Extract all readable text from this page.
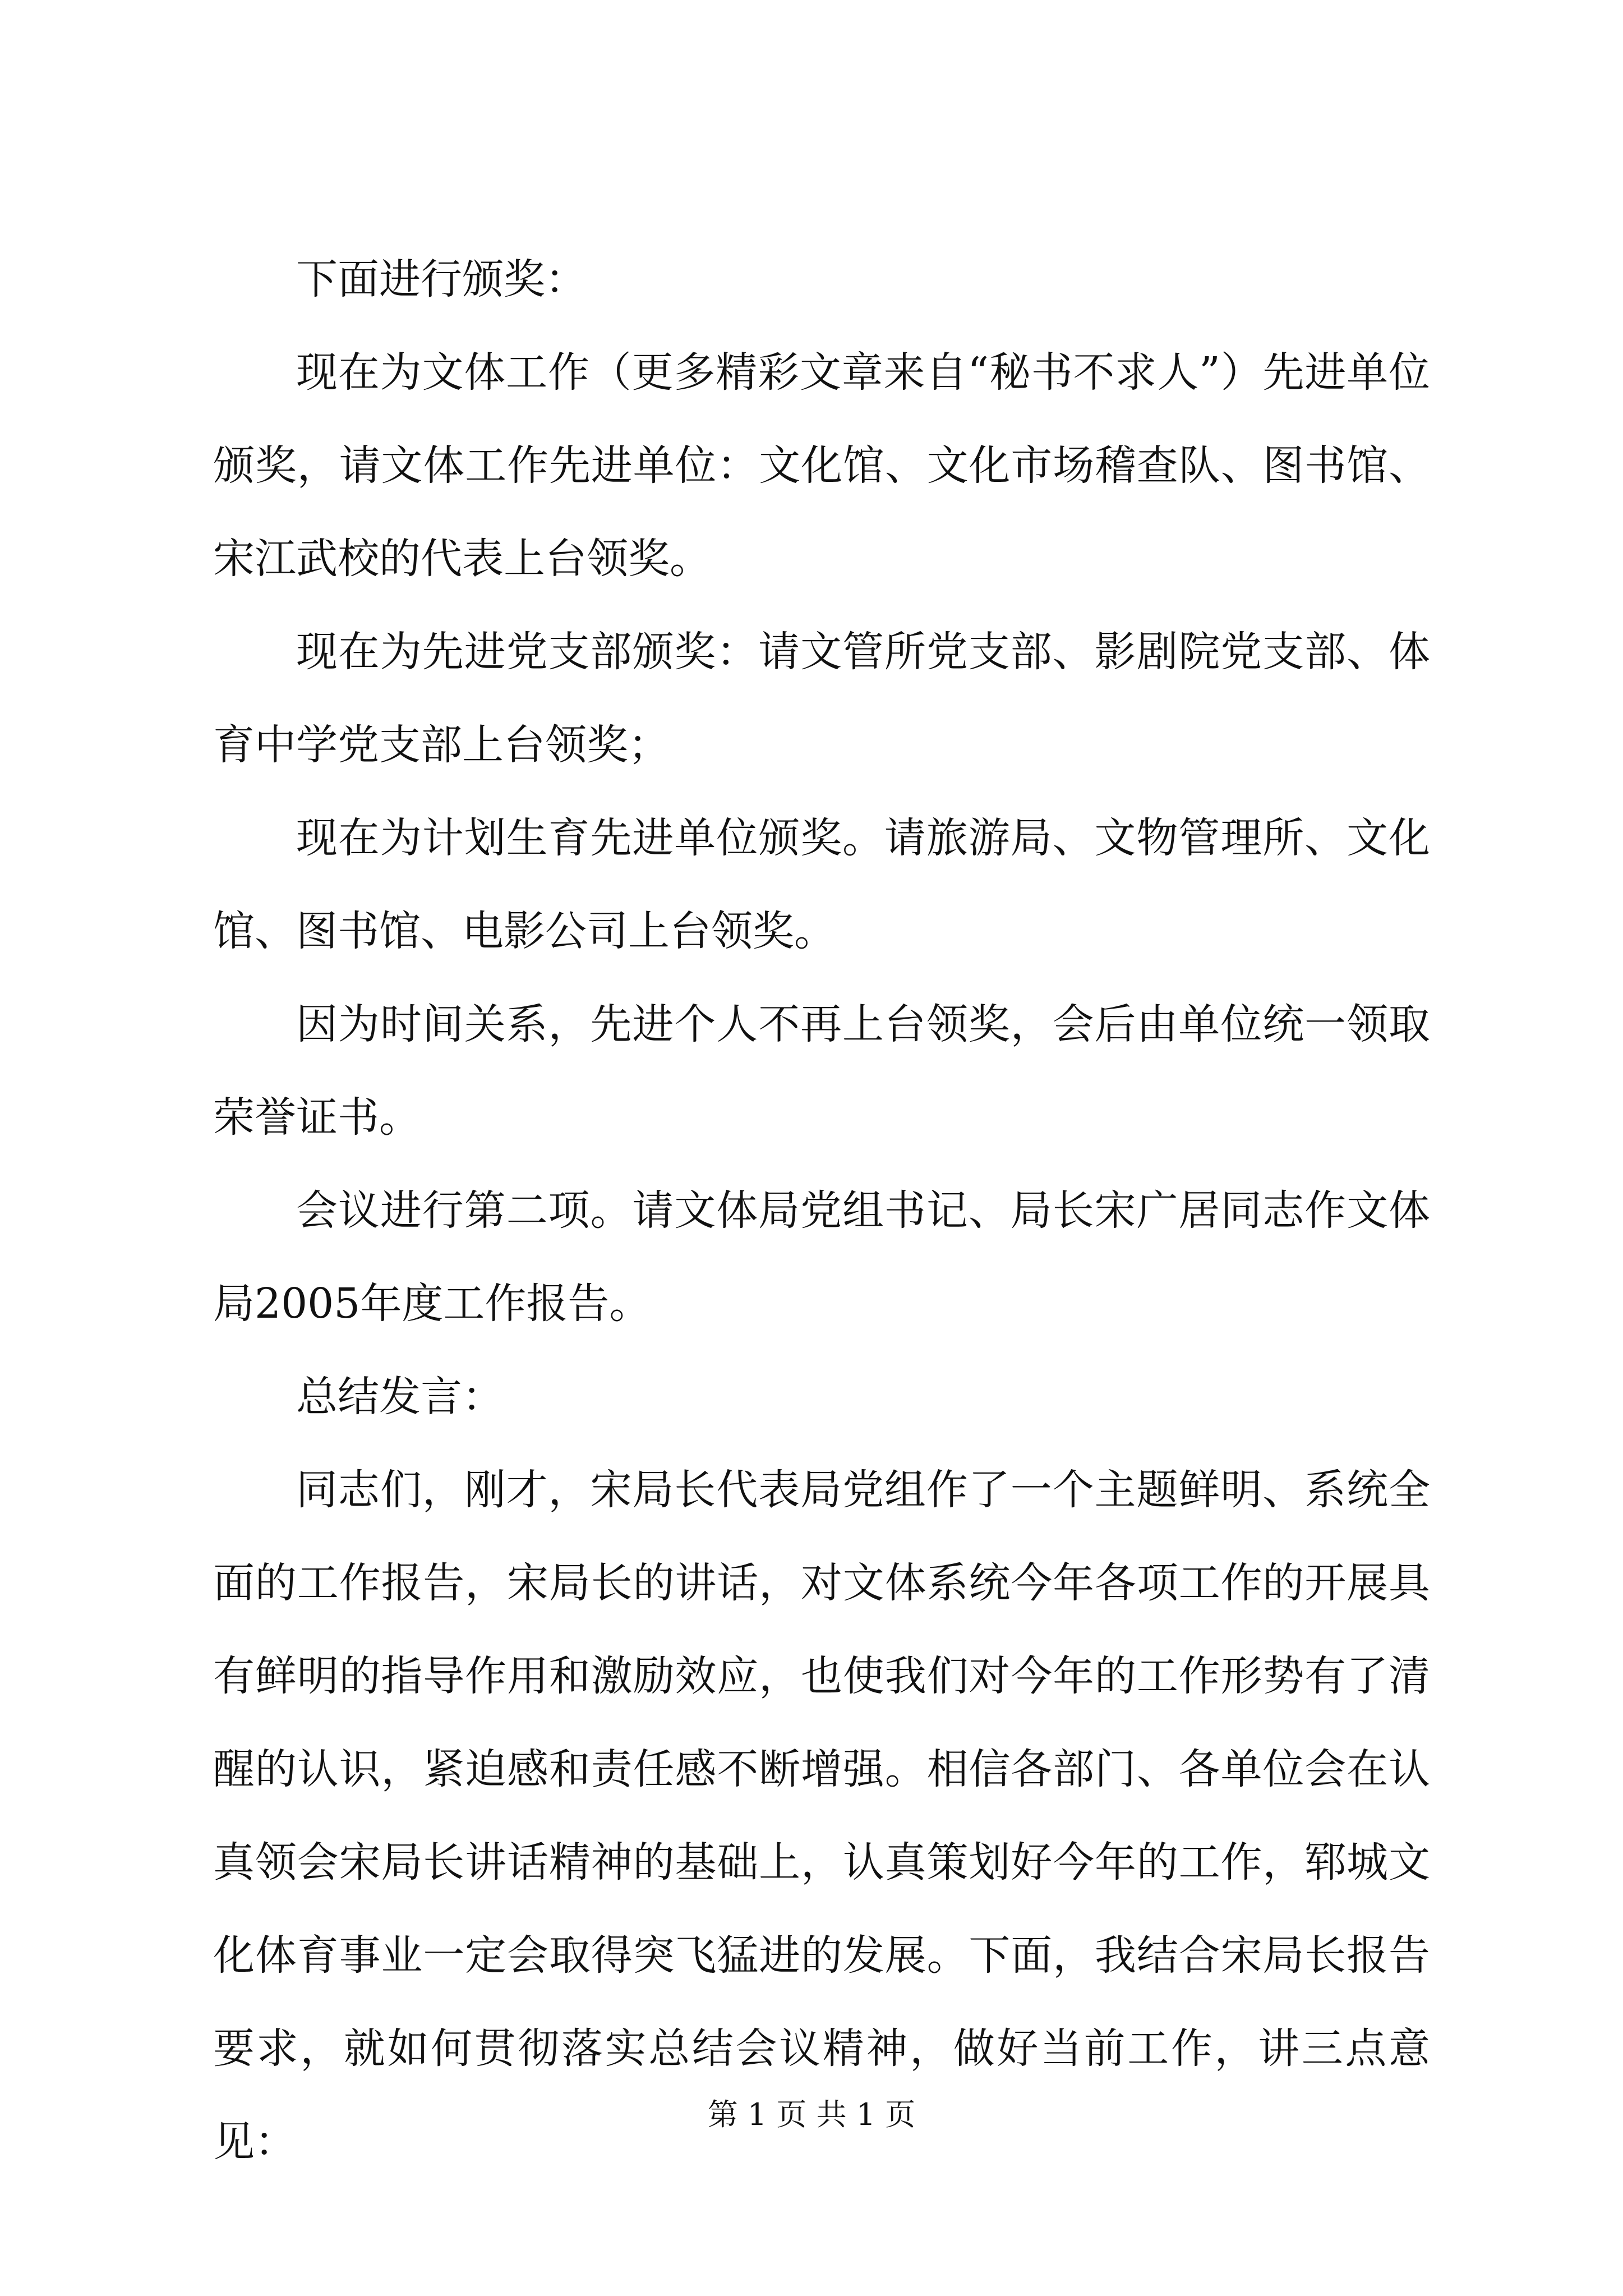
下面进行颁奖：

现在为文体工作（更多精彩文章来自“秘书不求人”）先进单位颁奖，请文体工作先进单位：文化馆、文化市场稽查队、图书馆、宋江武校的代表上台领奖。

现在为先进党支部颁奖：请文管所党支部、影剧院党支部、体育中学党支部上台领奖；

现在为计划生育先进单位颁奖。请旅游局、文物管理所、文化馆、图书馆、电影公司上台领奖。

因为时间关系，先进个人不再上台领奖，会后由单位统一领取荣誉证书。

会议进行第二项。请文体局党组书记、局长宋广居同志作文体局2005年度工作报告。

总结发言：

同志们，刚才，宋局长代表局党组作了一个主题鲜明、系统全面的工作报告，宋局长的讲话，对文体系统今年各项工作的开展具有鲜明的指导作用和激励效应，也使我们对今年的工作形势有了清醒的认识，紧迫感和责任感不断增强。相信各部门、各单位会在认真领会宋局长讲话精神的基础上，认真策划好今年的工作，郓城文化体育事业一定会取得突飞猛进的发展。下面，我结合宋局长报告要求，就如何贯彻落实总结会议精神，做好当前工作，讲三点意见：

第 1 页 共 1 页
